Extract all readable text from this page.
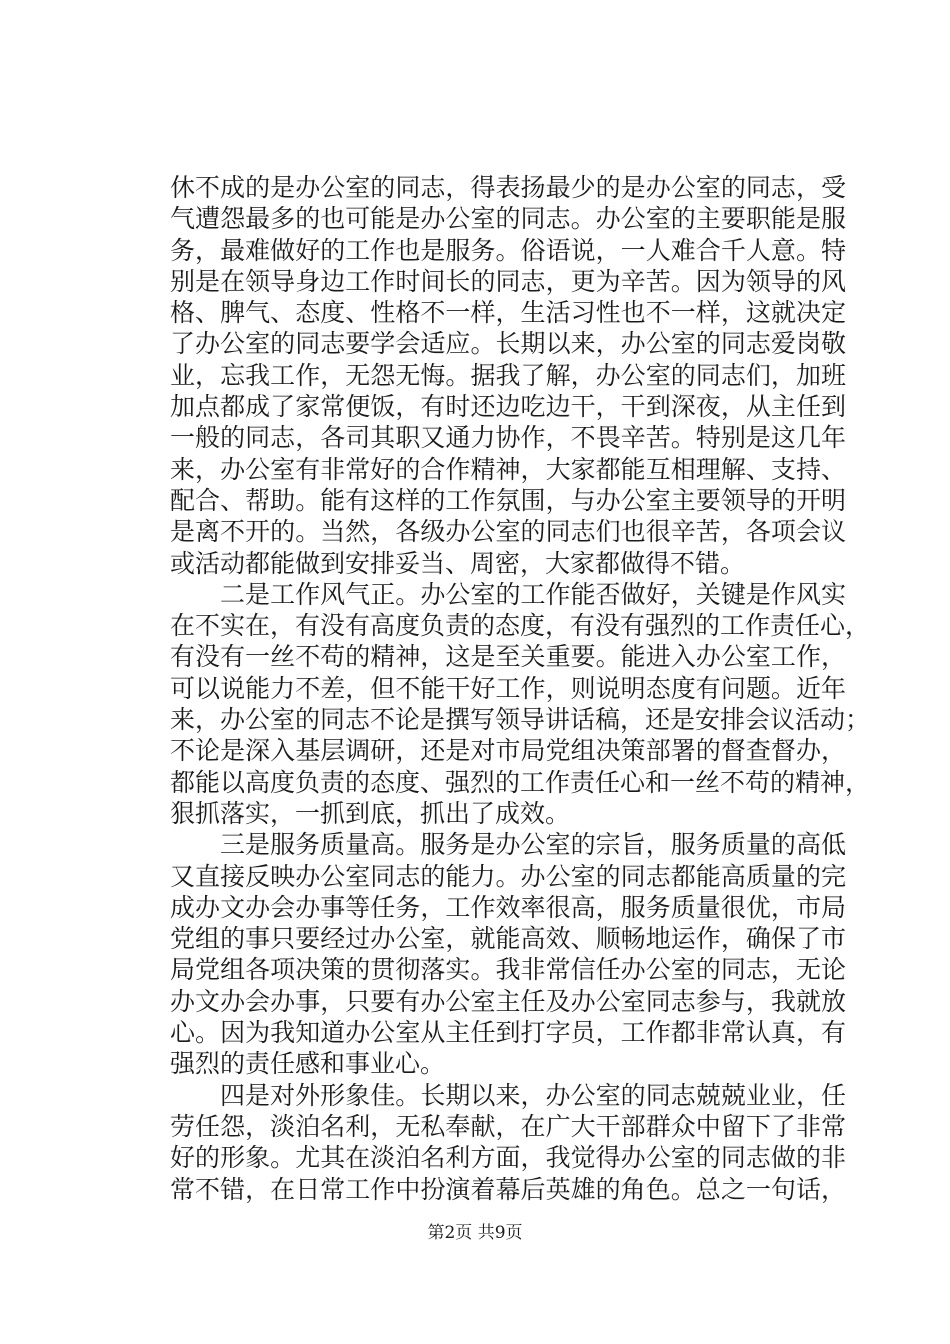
休不成的是办公室的同志，得表扬最少的是办公室的同志，受
气遭怨最多的也可能是办公室的同志。办公室的主要职能是服
务，最难做好的工作也是服务。俗语说，一人难合千人意。特
别是在领导身边工作时间长的同志，更为辛苦。因为领导的风
格、脾气、态度、性格不一样，生活习性也不一样，这就决定
了办公室的同志要学会适应。长期以来，办公室的同志爱岗敬
业，忘我工作，无怨无悔。据我了解，办公室的同志们，加班
加点都成了家常便饭，有时还边吃边干，干到深夜，从主任到
一般的同志，各司其职又通力协作，不畏辛苦。特别是这几年
来，办公室有非常好的合作精神，大家都能互相理解、支持、
配合、帮助。能有这样的工作氛围，与办公室主要领导的开明
是离不开的。当然，各级办公室的同志们也很辛苦，各项会议
或活动都能做到安排妥当、周密，大家都做得不错。
二是工作风气正。办公室的工作能否做好，关键是作风实
在不实在，有没有高度负责的态度，有没有强烈的工作责任心，
有没有一丝不苟的精神，这是至关重要。能进入办公室工作，
可以说能力不差，但不能干好工作，则说明态度有问题。近年
来，办公室的同志不论是撰写领导讲话稿，还是安排会议活动；
不论是深入基层调研，还是对市局党组决策部署的督查督办，
都能以高度负责的态度、强烈的工作责任心和一丝不苟的精神，
狠抓落实，一抓到底，抓出了成效。
三是服务质量高。服务是办公室的宗旨，服务质量的高低
又直接反映办公室同志的能力。办公室的同志都能高质量的完
成办文办会办事等任务，工作效率很高，服务质量很优，市局
党组的事只要经过办公室，就能高效、顺畅地运作，确保了市
局党组各项决策的贯彻落实。我非常信任办公室的同志，无论
办文办会办事，只要有办公室主任及办公室同志参与，我就放
心。因为我知道办公室从主任到打字员，工作都非常认真，有
强烈的责任感和事业心。
四是对外形象佳。长期以来，办公室的同志兢兢业业，任
劳任怨，淡泊名利，无私奉献，在广大干部群众中留下了非常
好的形象。尤其在淡泊名利方面，我觉得办公室的同志做的非
常不错，在日常工作中扮演着幕后英雄的角色。总之一句话，
第2页 共9页
